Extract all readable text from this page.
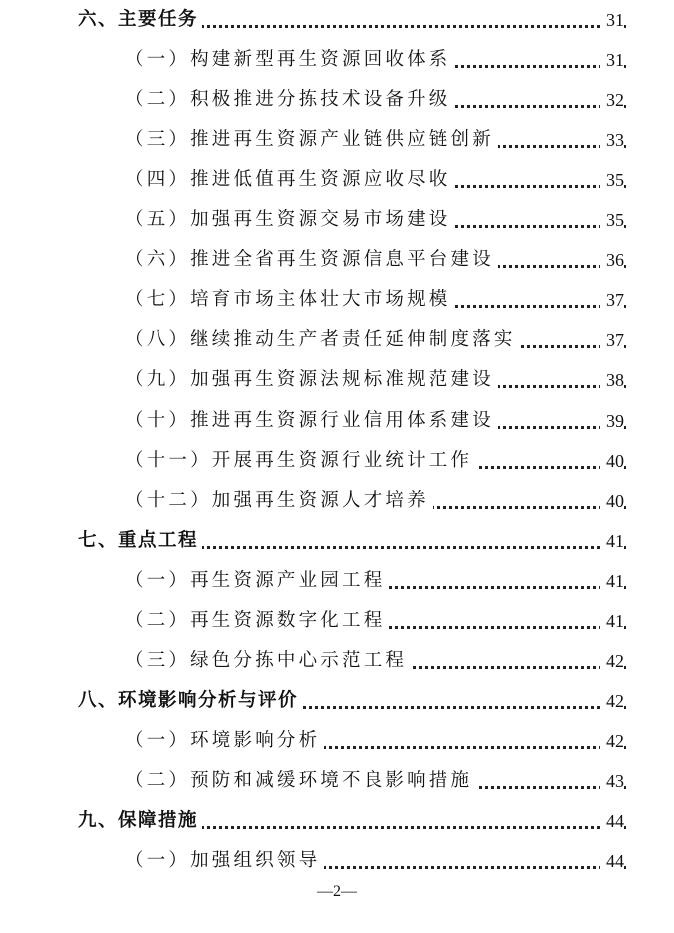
六、主要任务	31
（一）构建新型再生资源回收体系	31
（二）积极推进分拣技术设备升级	32
（三）推进再生资源产业链供应链创新	33
（四）推进低值再生资源应收尽收	35
（五）加强再生资源交易市场建设	35
（六）推进全省再生资源信息平台建设	36
（七）培育市场主体壮大市场规模	37
（八）继续推动生产者责任延伸制度落实	37
（九）加强再生资源法规标准规范建设	38
（十）推进再生资源行业信用体系建设	39
（十一）开展再生资源行业统计工作	40
（十二）加强再生资源人才培养	40
七、重点工程	41
（一）再生资源产业园工程	41
（二）再生资源数字化工程	41
（三）绿色分拣中心示范工程	42
八、环境影响分析与评价	42
（一）环境影响分析	42
（二）预防和减缓环境不良影响措施	43
九、保障措施	44
（一）加强组织领导	44
—2—
